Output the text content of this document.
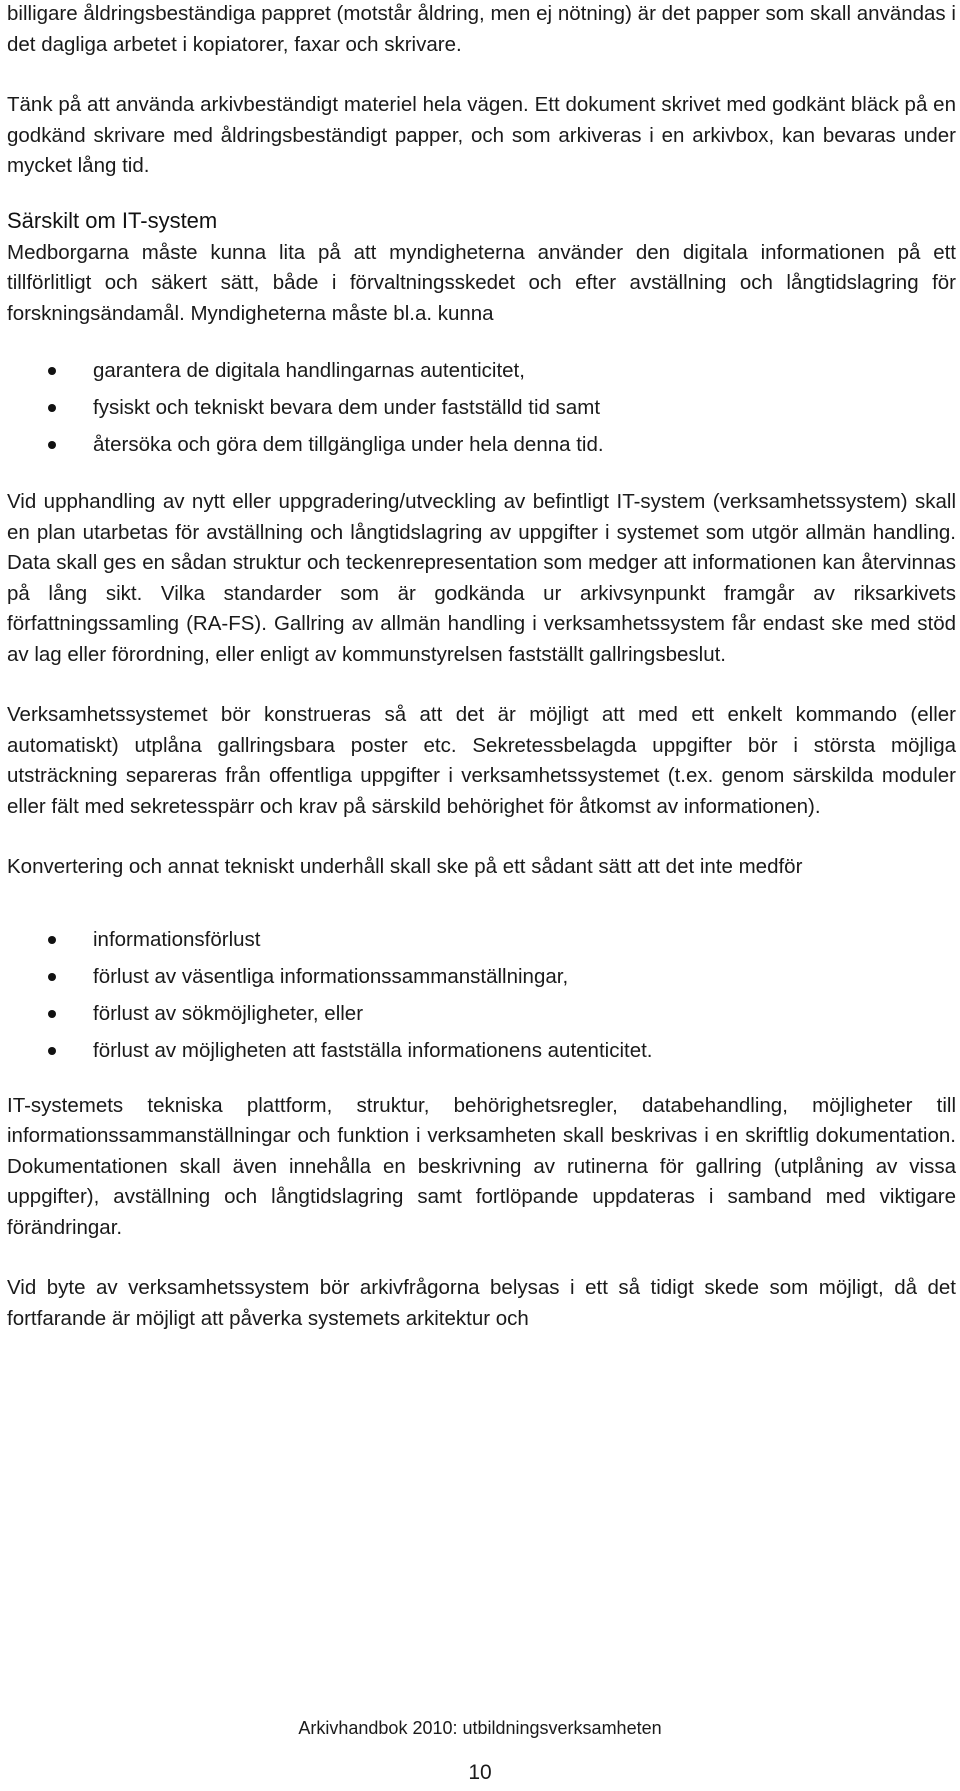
billigare åldringsbeständiga pappret (motstår åldring, men ej nötning) är det papper som skall användas i det dagliga arbetet i kopiatorer, faxar och skrivare.

Tänk på att använda arkivbeständigt materiel hela vägen. Ett dokument skrivet med godkänt bläck på en godkänd skrivare med åldringsbeständigt papper, och som arkiveras i en arkivbox, kan bevaras under mycket lång tid.

Särskilt om IT-system

Medborgarna måste kunna lita på att myndigheterna använder den digitala informationen på ett tillförlitligt och säkert sätt, både i förvaltningsskedet och efter avställning och långtidslagring för forskningsändamål. Myndigheterna måste bl.a. kunna

garantera de digitala handlingarnas autenticitet,
fysiskt och tekniskt bevara dem under fastställd tid samt
återsöka och göra dem tillgängliga under hela denna tid.

Vid upphandling av nytt eller uppgradering/utveckling av befintligt IT-system (verksamhetssystem) skall en plan utarbetas för avställning och långtidslagring av uppgifter i systemet som utgör allmän handling. Data skall ges en sådan struktur och teckenrepresentation som medger att informationen kan återvinnas på lång sikt. Vilka standarder som är godkända ur arkivsynpunkt framgår av riksarkivets författningssamling (RA-FS). Gallring av allmän handling i verksamhetssystem får endast ske med stöd av lag eller förordning, eller enligt av kommunstyrelsen fastställt gallringsbeslut.

Verksamhetssystemet bör konstrueras så att det är möjligt att med ett enkelt kommando (eller automatiskt) utplåna gallringsbara poster etc. Sekretessbelagda uppgifter bör i största möjliga utsträckning separeras från offentliga uppgifter i verksamhetssystemet (t.ex. genom särskilda moduler eller fält med sekretesspärr och krav på särskild behörighet för åtkomst av informationen).

Konvertering och annat tekniskt underhåll skall ske på ett sådant sätt att det inte medför

informationsförlust
förlust av väsentliga informationssammanställningar,
förlust av sökmöjligheter, eller
förlust av möjligheten att fastställa informationens autenticitet.

IT-systemets tekniska plattform, struktur, behörighetsregler, databehandling, möjligheter till informationssammanställningar och funktion i verksamheten skall beskrivas i en skriftlig dokumentation. Dokumentationen skall även innehålla en beskrivning av rutinerna för gallring (utplåning av vissa uppgifter), avställning och långtidslagring samt fortlöpande uppdateras i samband med viktigare förändringar.

Vid byte av verksamhetssystem bör arkivfrågorna belysas i ett så tidigt skede som möjligt, då det fortfarande är möjligt att påverka systemets arkitektur och

Arkivhandbok 2010: utbildningsverksamheten
10
